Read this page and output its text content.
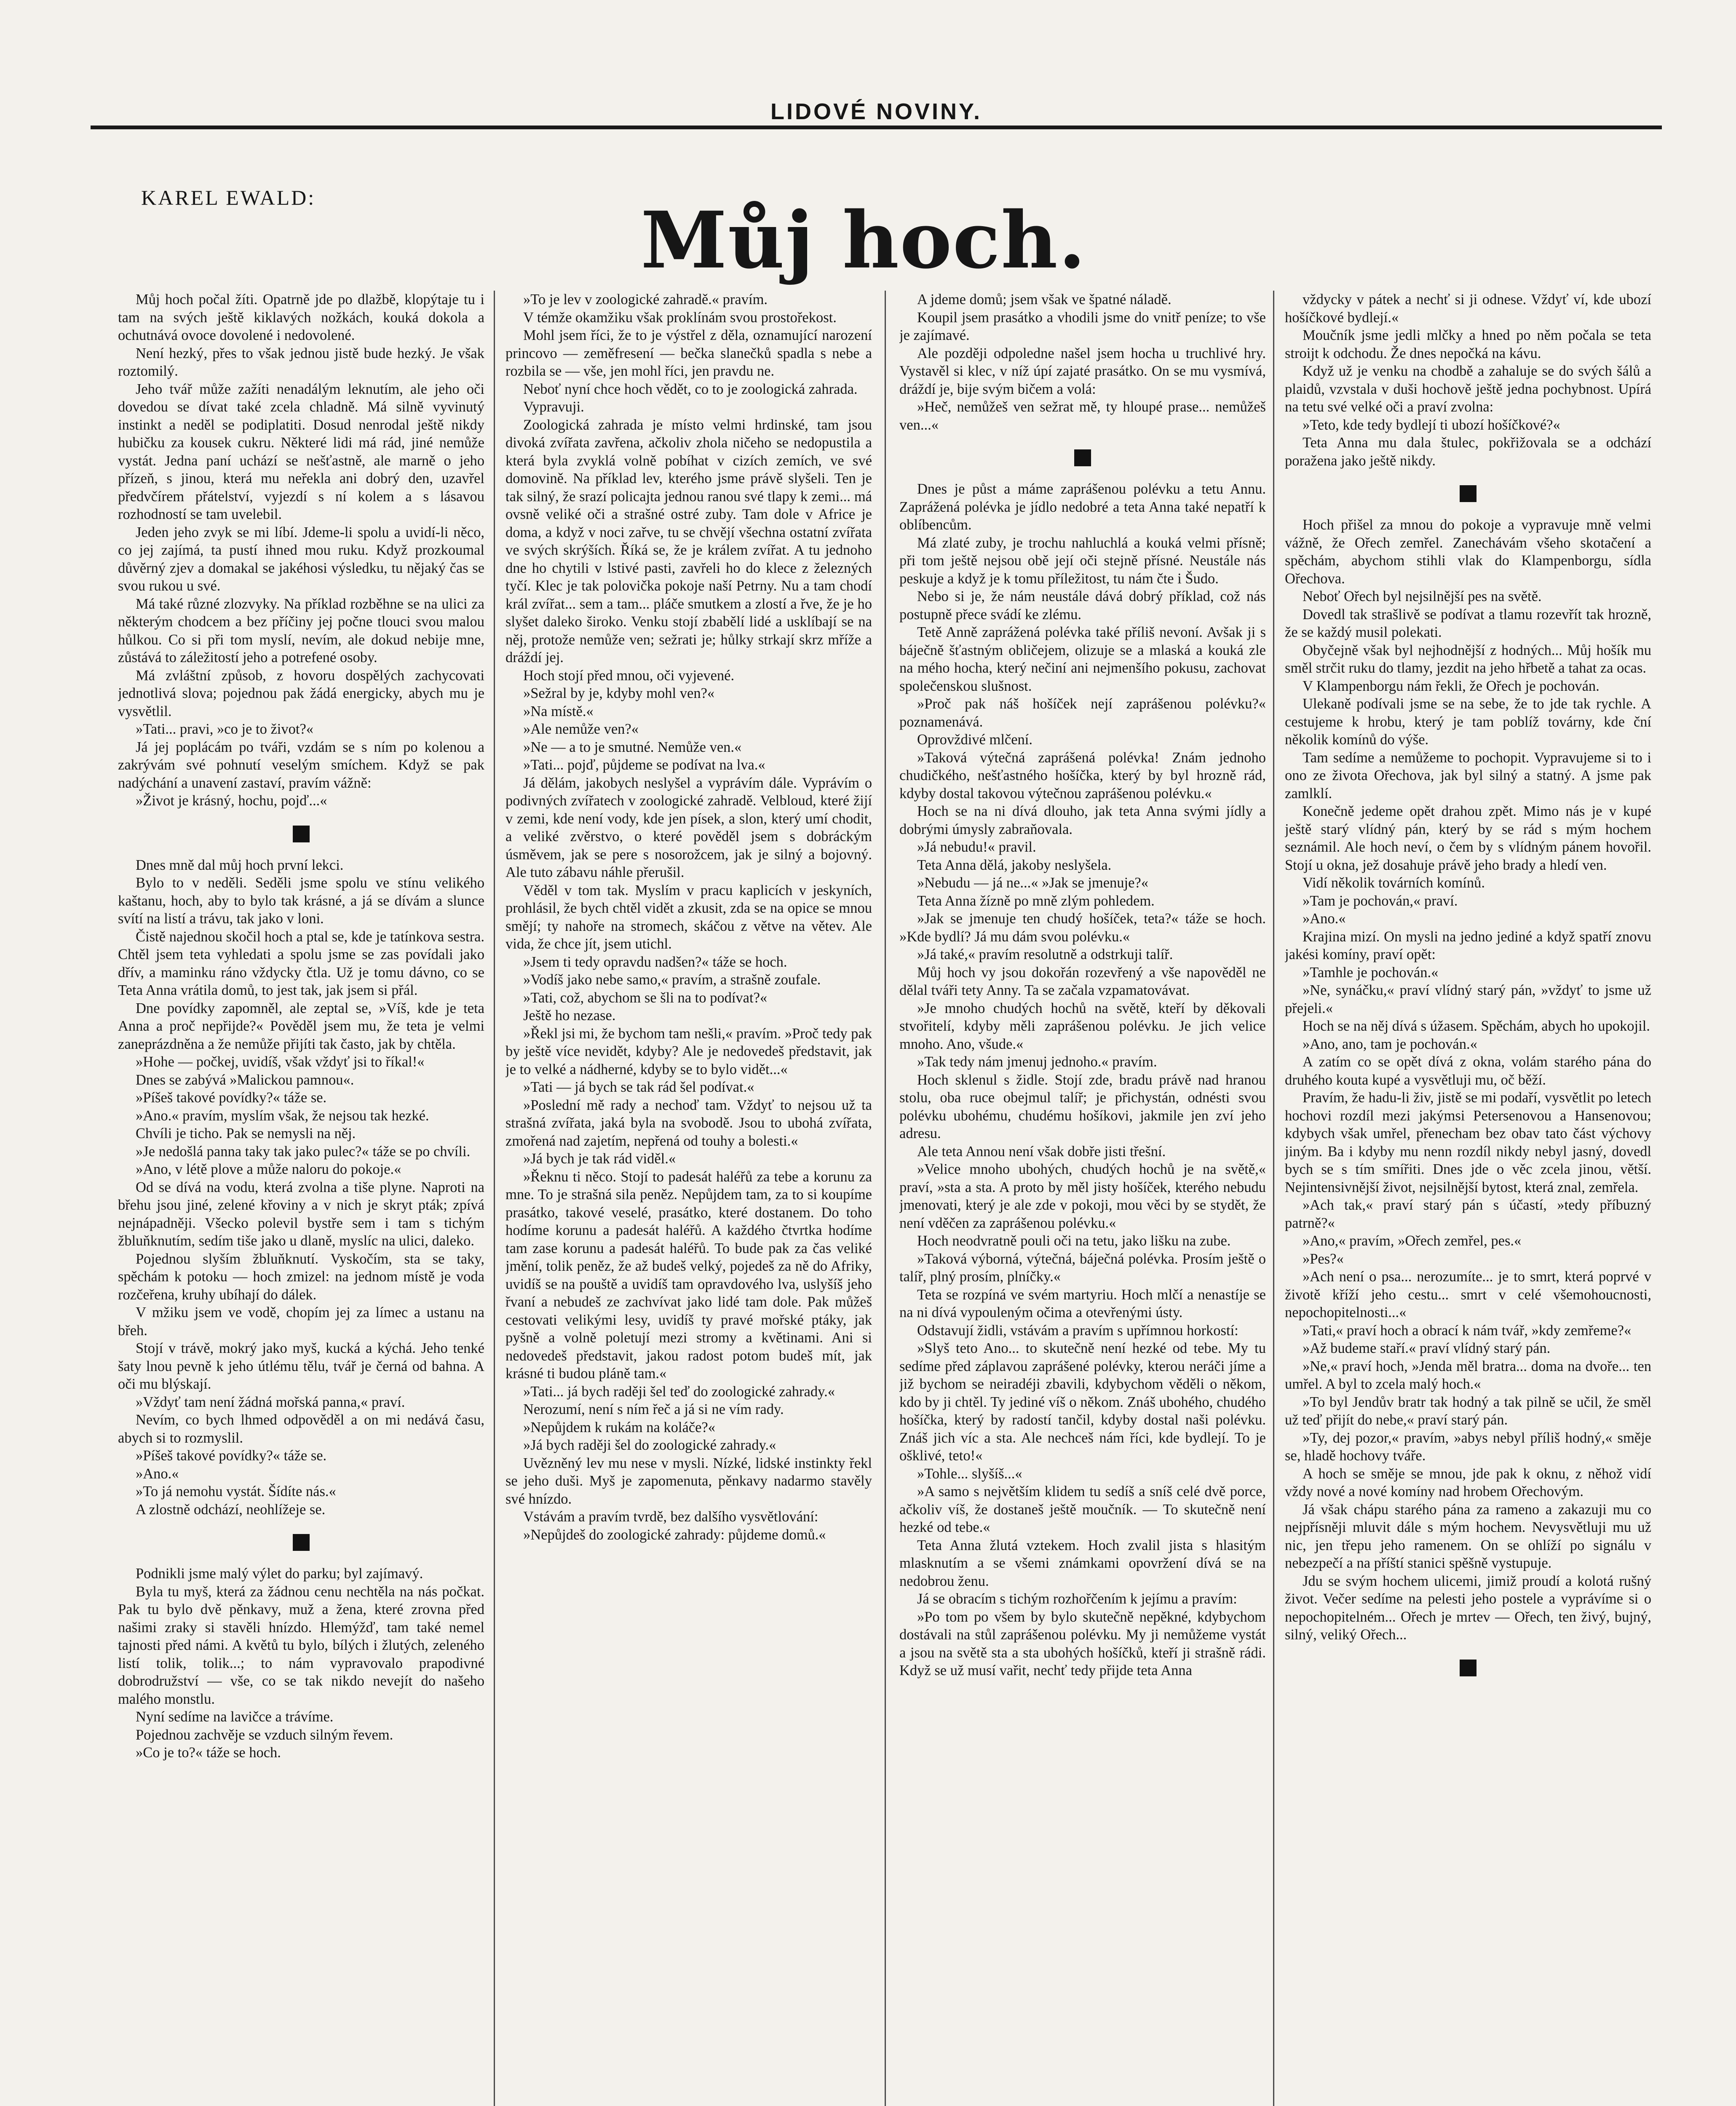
LIDOVÉ NOVINY.
KAREL EWALD:	Můj hoch.

Můj hoch počal žíti. Opatrně jde po dlažbě, klopýtaje tu i tam na svých ještě kiklavých nožkách, kouká dokola a ochutnává ovoce dovolené i nedovolené.

Není hezký, přes to však jednou jistě bude hezký. Je však roztomilý.

Jeho tvář může zažíti nenadálým leknutím, ale jeho oči dovedou se dívat také zcela chladně. Má silně vyvinutý instinkt a neděl se podiplatiti. Dosud nenrodal ještě nikdy hubičku za kousek cukru. Některé lidi má rád, jiné nemůže vystát. Jedna paní uchází se nešťastně, ale marně o jeho přízeň, s jinou, která mu neřekla ani dobrý den, uzavřel předvčírem přátelství, vyjezdí s ní kolem a s lásavou rozhodností se tam uvelebil.

Jeden jeho zvyk se mi líbí. Jdeme-li spolu a uvidí-li něco, co jej zajímá, ta pustí ihned mou ruku. Když prozkoumal důvěrný zjev a domakal se jakéhosi výsledku, tu nějaký čas se svou rukou u své.

Má také různé zlozvyky. Na příklad rozběhne se na ulici za některým chodcem a bez příčiny jej počne tlouci svou malou hůlkou. Co si při tom myslí, nevím, ale dokud nebije mne, zůstává to záležitostí jeho a potrefené osoby.

Má zvláštní způsob, z hovoru dospělých zachycovati jednotlivá slova; pojednou pak žádá energicky, abych mu je vysvětlil.

»Tati... pravi, »co je to život?«

Já jej poplácám po tváři, vzdám se s ním po kolenou a zakrývám své pohnutí veselým smíchem. Když se pak nadýchání a unavení zastaví, pravím vážně:

»Život je krásný, hochu, pojď...«

Dnes mně dal můj hoch první lekci.

Bylo to v neděli. Seděli jsme spolu ve stínu velikého kaštanu, hoch, aby to bylo tak krásné, a já se dívám a slunce svítí na listí a trávu, tak jako v loni.

Čistě najednou skočil hoch a ptal se, kde je tatínkova sestra. Chtěl jsem teta vyhledati a spolu jsme se zas povídali jako dřív, a maminku ráno vždycky čtla. Už je tomu dávno, co se Teta Anna vrátila domů, to jest tak, jak jsem si přál.

Dne povídky zapomněl, ale zeptal se, »Víš, kde je teta Anna a proč nepřijde?« Pověděl jsem mu, že teta je velmi zaneprázdněna a že nemůže přijíti tak často, jak by chtěla.

»Hohe — počkej, uvidíš, však vždyť jsi to říkal!«

Dnes se zabývá »Malickou pamnou«.

»Píšeš takové povídky?« táže se.

»Ano.« pravím, myslím však, že nejsou tak hezké.

Chvíli je ticho. Pak se nemysli na něj.

»Je nedošlá panna taky tak jako pulec?« táže se po chvíli.

»Ano, v létě plove a může naloru do pokoje.«

Od se dívá na vodu, která zvolna a tiše plyne. Naproti na břehu jsou jiné, zelené křoviny a v nich je skryt pták; zpívá nejnápadněji. Všecko polevil bystře sem i tam s tichým žbluňknutím, sedím tiše jako u dlaně, myslíc na ulici, daleko.

Pojednou slyším žbluňknutí. Vyskočím, sta se taky, spěchám k potoku — hoch zmizel: na jednom místě je voda rozčeřena, kruhy ubíhají do dálek.

V mžiku jsem ve vodě, chopím jej za límec a ustanu na břeh.

Stojí v trávě, mokrý jako myš, kucká a kýchá. Jeho tenké šaty lnou pevně k jeho útlému tělu, tvář je černá od bahna. A oči mu blýskají.

»Vždyť tam není žádná mořská panna,« praví.

Nevím, co bych lhmed odpověděl a on mi nedává času, abych si to rozmyslil.

»Píšeš takové povídky?« táže se.

»Ano.«

»To já nemohu vystát. Šídíte nás.«

A zlostně odchází, neohlížeje se.

Podnikli jsme malý výlet do parku; byl zajímavý.

Byla tu myš, která za žádnou cenu nechtěla na nás počkat. Pak tu bylo dvě pěnkavy, muž a žena, které zrovna před našimi zraky si stavěli hnízdo. Hlemýžď, tam také nemel tajnosti před námi. A květů tu bylo, bílých i žlutých, zeleného listí tolik, tolik...; to nám vypravovalo prapodivné dobrodružství — vše, co se tak nikdo nevejít do našeho malého monstlu.

Nyní sedíme na lavičce a trávíme.

Pojednou zachvěje se vzduch silným řevem.

»Co je to?« táže se hoch.

»To je lev v zoologické zahradě.« pravím.

V témže okamžiku však proklínám svou prostořekost.

Mohl jsem říci, že to je výstřel z děla, oznamující narození princovo — zeměfresení — bečka slanečků spadla s nebe a rozbila se — vše, jen mohl říci, jen pravdu ne.

Neboť nyní chce hoch vědět, co to je zoologická zahrada.

Vypravuji.

Zoologická zahrada je místo velmi hrdinské, tam jsou divoká zvířata zavřena, ačkoliv zhola ničeho se nedopustila a která byla zvyklá volně pobíhat v cizích zemích, ve své domovině. Na příklad lev, kterého jsme právě slyšeli. Ten je tak silný, že srazí policajta jednou ranou své tlapy k zemi... má ovsně veliké oči a strašné ostré zuby. Tam dole v Africe je doma, a když v noci zařve, tu se chvějí všechna ostatní zvířata ve svých skrýších. Říká se, že je králem zvířat. A tu jednoho dne ho chytili v lstivé pasti, zavřeli ho do klece z železných tyčí. Klec je tak polovička pokoje naší Petrny. Nu a tam chodí král zvířat... sem a tam... pláče smutkem a zlostí a řve, že je ho slyšet daleko široko. Venku stojí zbabělí lidé a usklíbají se na něj, protože nemůže ven; sežrati je; hůlky strkají skrz mříže a dráždí jej.

Hoch stojí před mnou, oči vyjevené.

»Sežral by je, kdyby mohl ven?«

»Na místě.«

»Ale nemůže ven?«

»Ne — a to je smutné. Nemůže ven.«

»Tati... pojď, půjdeme se podívat na lva.«

Já dělám, jakobych neslyšel a vyprávím dále. Vyprávím o podivných zvířatech v zoologické zahradě. Velbloud, které žijí v zemi, kde není vody, kde jen písek, a slon, který umí chodit, a veliké zvěrstvo, o které pověděl jsem s dobráckým úsměvem, jak se pere s nosorožcem, jak je silný a bojovný. Ale tuto zábavu náhle přerušil.

Věděl v tom tak. Myslím v pracu kaplicích v jeskyních, prohlásil, že bych chtěl vidět a zkusit, zda se na opice se mnou smějí; ty nahoře na stromech, skáčou z větve na větev. Ale vida, že chce jít, jsem utichl.

»Jsem ti tedy opravdu nadšen?« táže se hoch.

»Vodíš jako nebe samo,« pravím, a strašně zoufale.

»Tati, což, abychom se šli na to podívat?«

Ještě ho nezase.

»Řekl jsi mi, že bychom tam nešli,« pravím. »Proč tedy pak by ještě více nevidět, kdyby? Ale je nedovedeš představit, jak je to velké a nádherné, kdyby se to bylo vidět...«

»Tati — já bych se tak rád šel podívat.«

»Poslední mě rady a nechoď tam. Vždyť to nejsou už ta strašná zvířata, jaká byla na svobodě. Jsou to ubohá zvířata, zmořená nad zajetím, nepřená od touhy a bolesti.«

»Já bych je tak rád viděl.«

»Řeknu ti něco. Stojí to padesát haléřů za tebe a korunu za mne. To je strašná sila peněz. Nepůjdem tam, za to si koupíme prasátko, takové veselé, prasátko, které dostanem. Do toho hodíme korunu a padesát haléřů. A každého čtvrtka hodíme tam zase korunu a padesát haléřů. To bude pak za čas veliké jmění, tolik peněz, že až budeš velký, pojedeš za ně do Afriky, uvidíš se na pouště a uvidíš tam opravdového lva, uslyšíš jeho řvaní a nebudeš ze zachvívat jako lidé tam dole. Pak můžeš cestovati velikými lesy, uvidíš ty pravé mořské ptáky, jak pyšně a volně poletují mezi stromy a květinami. Ani si nedovedeš představit, jakou radost potom budeš mít, jak krásné ti budou pláně tam.«

»Tati... já bych raději šel teď do zoologické zahrady.«

Nerozumí, není s ním řeč a já si ne vím rady.

»Nepůjdem k rukám na koláče?«

»Já bych raději šel do zoologické zahrady.«

Uvězněný lev mu nese v mysli. Nízké, lidské instinkty řekl se jeho duši. Myš je zapomenuta, pěnkavy nadarmo stavěly své hnízdo.

Vstávám a pravím tvrdě, bez dalšího vysvětlování:

»Nepůjdeš do zoologické zahrady: půjdeme domů.«

A jdeme domů; jsem však ve špatné náladě.

Koupil jsem prasátko a vhodili jsme do vnitř peníze; to vše je zajímavé.

Ale později odpoledne našel jsem hocha u truchlivé hry. Vystavěl si klec, v níž úpí zajaté prasátko. On se mu vysmívá, dráždí je, bije svým bičem a volá:

»Heč, nemůžeš ven sežrat mě, ty hloupé prase... nemůžeš ven...«

Dnes je půst a máme zaprášenou polévku a tetu Annu. Zaprážená polévka je jídlo nedobré a teta Anna také nepatří k oblíbencům.

Má zlaté zuby, je trochu nahluchlá a kouká velmi přísně; při tom ještě nejsou obě její oči stejně přísné. Neustále nás peskuje a když je k tomu příležitost, tu nám čte i Šudo.

Nebo si je, že nám neustále dává dobrý příklad, což nás postupně přece svádí ke zlému.

Tetě Anně zaprážená polévka také příliš nevoní. Avšak ji s báječně šťastným obličejem, olizuje se a mlaská a kouká zle na mého hocha, který nečiní ani nejmenšího pokusu, zachovat společenskou slušnost.

»Proč pak náš hošíček nejí zaprášenou polévku?« poznamenává.

Oprovždivé mlčení.

»Taková výtečná zaprášená polévka! Znám jednoho chudičkého, nešťastného hošíčka, který by byl hrozně rád, kdyby dostal takovou výtečnou zaprášenou polévku.«

Hoch se na ni dívá dlouho, jak teta Anna svými jídly a dobrými úmysly zabraňovala.

»Já nebudu!« pravil.

Teta Anna dělá, jakoby neslyšela.

»Nebudu — já ne...« »Jak se jmenuje?«

Teta Anna žízně po mně zlým pohledem.

»Jak se jmenuje ten chudý hošíček, teta?« táže se hoch. »Kde bydlí? Já mu dám svou polévku.«

»Já také,« pravím resolutně a odstrkuji talíř.

Můj hoch vy jsou dokořán rozevřený a vše napověděl ne dělal tváři tety Anny. Ta se začala vzpamatovávat.

»Je mnoho chudých hochů na světě, kteří by děkovali stvořitelí, kdyby měli zaprášenou polévku. Je jich velice mnoho. Ano, všude.«

»Tak tedy nám jmenuj jednoho.« pravím.

Hoch sklenul s židle. Stojí zde, bradu právě nad hranou stolu, oba ruce obejmul talíř; je přichystán, odnésti svou polévku ubohému, chudému hošíkovi, jakmile jen zví jeho adresu.

Ale teta Annou není však dobře jisti třešní.

»Velice mnoho ubohých, chudých hochů je na světě,« praví, »sta a sta. A proto by měl jisty hošíček, kterého nebudu jmenovati, který je ale zde v pokoji, mou věci by se stydět, že není vděčen za zaprášenou polévku.«

Hoch neodvratně pouli oči na tetu, jako lišku na zube.

»Taková výborná, výtečná, báječná polévka. Prosím ještě o talíř, plný prosím, plníčky.«

Teta se rozpíná ve svém martyriu. Hoch mlčí a nenastíje se na ni dívá vypouleným očima a otevřenými ústy.

Odstavují židli, vstávám a pravím s upřímnou horkostí:

»Slyš teto Ano... to skutečně není hezké od tebe. My tu sedíme před záplavou zaprášené polévky, kterou neráči jíme a již bychom se neiradéji zbavili, kdybychom věděli o někom, kdo by ji chtěl. Ty jediné víš o někom. Znáš ubohého, chudého hošíčka, který by radostí tančil, kdyby dostal naši polévku. Znáš jich víc a sta. Ale nechceš nám říci, kde bydlejí. To je ošklivé, teto!«

»Tohle... slyšíš...«

»A samo s největším klidem tu sedíš a sníš celé dvě porce, ačkoliv víš, že dostaneš ještě moučník. — To skutečně není hezké od tebe.«

Teta Anna žlutá vztekem. Hoch zvalil jista s hlasitým mlasknutím a se všemi známkami opovržení dívá se na nedobrou ženu.

Já se obracím s tichým rozhořčením k jejímu a pravím:

»Po tom po všem by bylo skutečně nepěkné, kdybychom dostávali na stůl zaprášenou polévku. My ji nemůžeme vystát a jsou na světě sta a sta ubohých hošíčků, kteří ji strašně rádi. Když se už musí vařit, nechť tedy přijde teta Anna

vždycky v pátek a nechť si ji odnese. Vždyť ví, kde ubozí hošíčkové bydlejí.«

Moučník jsme jedli mlčky a hned po něm počala se teta stroijt k odchodu. Že dnes nepočká na kávu.

Když už je venku na chodbě a zahaluje se do svých šálů a plaidů, vzvstala v duši hochově ještě jedna pochybnost. Upírá na tetu své velké oči a praví zvolna:

»Teto, kde tedy bydlejí ti ubozí hošíčkové?«

Teta Anna mu dala štulec, pokřižovala se a odchází poražena jako ještě nikdy.

Hoch přišel za mnou do pokoje a vypravuje mně velmi vážně, že Ořech zemřel. Zanechávám všeho skotačení a spěchám, abychom stihli vlak do Klampenborgu, sídla Ořechova.

Neboť Ořech byl nejsilnější pes na světě.

Dovedl tak strašlivě se podívat a tlamu rozevřít tak hrozně, že se každý musil polekati.

Obyčejně však byl nejhodnější z hodných... Můj hošík mu směl strčit ruku do tlamy, jezdit na jeho hřbetě a tahat za ocas.

V Klampenborgu nám řekli, že Ořech je pochován.

Ulekaně podívali jsme se na sebe, že to jde tak rychle. A cestujeme k hrobu, který je tam poblíž továrny, kde ční několik komínů do výše.

Tam sedíme a nemůžeme to pochopit. Vypravujeme si to i ono ze života Ořechova, jak byl silný a statný. A jsme pak zamlklí.

Konečně jedeme opět drahou zpět. Mimo nás je v kupé ještě starý vlídný pán, který by se rád s mým hochem seznámil. Ale hoch neví, o čem by s vlídným pánem hovořil. Stojí u okna, jež dosahuje právě jeho brady a hledí ven.

Vidí několik továrních komínů.

»Tam je pochován,« praví.

»Ano.«

Krajina mizí. On mysli na jedno jediné a když spatří znovu jakési komíny, praví opět:

»Tamhle je pochován.«

»Ne, synáčku,« praví vlídný starý pán, »vždyť to jsme už přejeli.«

Hoch se na něj dívá s úžasem. Spěchám, abych ho upokojil.

»Ano, ano, tam je pochován.«

A zatím co se opět dívá z okna, volám starého pána do druhého kouta kupé a vysvětluji mu, oč běží.

Pravím, že hadu-li živ, jistě se mi podaří, vysvětlit po letech hochovi rozdíl mezi jakýmsi Petersenovou a Hansenovou; kdybych však umřel, přenecham bez obav tato část výchovy jiným. Ba i kdyby mu nenn rozdíl nikdy nebyl jasný, dovedl bych se s tím smířiti. Dnes jde o věc zcela jinou, větší. Nejintensivnější život, nejsilnější bytost, která znal, zemřela.

»Ach tak,« praví starý pán s účastí, »tedy příbuzný patrně?«

»Ano,« pravím, »Ořech zemřel, pes.«

»Pes?«

»Ach není o psa... nerozumíte... je to smrt, která poprvé v životě kříží jeho cestu... smrt v celé všemohoucnosti, nepochopitelnosti...«

»Tati,« praví hoch a obrací k nám tvář, »kdy zemřeme?«

»Až budeme staří.« praví vlídný starý pán.

»Ne,« praví hoch, »Jenda měl bratra... doma na dvoře... ten umřel. A byl to zcela malý hoch.«

»To byl Jendův bratr tak hodný a tak pilně se učil, že směl už teď přijít do nebe,« praví starý pán.

»Ty, dej pozor,« pravím, »abys nebyl příliš hodný,« směje se, hladě hochovy tváře.

A hoch se směje se mnou, jde pak k oknu, z něhož vidí vždy nové a nové komíny nad hrobem Ořechovým.

Já však chápu starého pána za rameno a zakazuji mu co nejpřísněji mluvit dále s mým hochem. Nevysvětluji mu už nic, jen třepu jeho ramenem. On se ohlíží po signálu v nebezpečí a na příští stanici spěšně vystupuje.

Jdu se svým hochem ulicemi, jimiž proudí a kolotá rušný život. Večer sedíme na pelesti jeho postele a vyprávíme si o nepochopitelném... Ořech je mrtev — Ořech, ten živý, bujný, silný, veliký Ořech...
